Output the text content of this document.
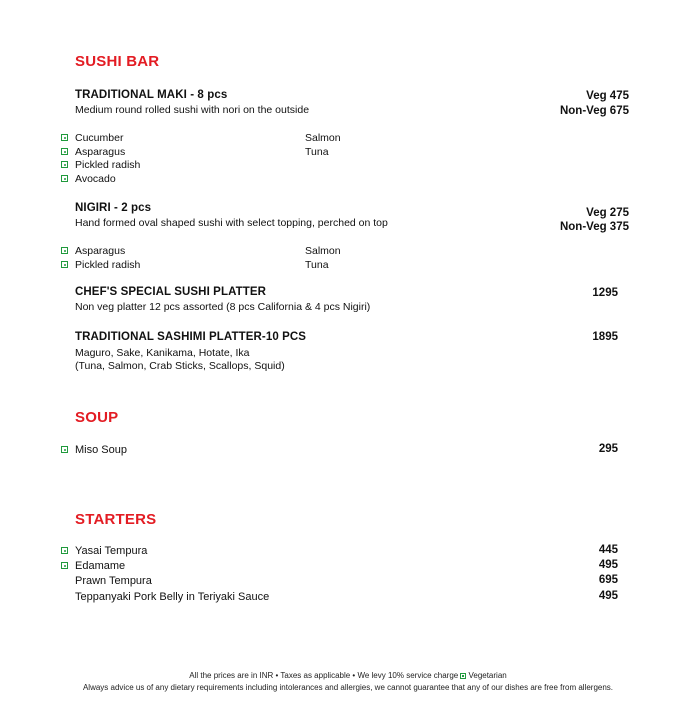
SUSHI BAR
TRADITIONAL MAKI - 8 pcs
Medium round rolled sushi with nori on the outside
Veg 475
Non-Veg 675
Cucumber	Salmon
Asparagus	Tuna
Pickled radish
Avocado
NIGIRI - 2 pcs
Hand formed oval shaped sushi with select topping, perched on top
Veg 275
Non-Veg 375
Asparagus	Salmon
Pickled radish	Tuna
CHEF'S SPECIAL SUSHI PLATTER
Non veg platter 12 pcs assorted (8 pcs California & 4 pcs Nigiri)
1295
TRADITIONAL SASHIMI PLATTER-10 PCS
Maguro, Sake, Kanikama, Hotate, Ika
(Tuna, Salmon, Crab Sticks, Scallops, Squid)
1895
SOUP
Miso Soup	295
STARTERS
Yasai Tempura	445
Edamame	495
Prawn Tempura	695
Teppanyaki Pork Belly in Teriyaki Sauce	495
All the prices are in INR • Taxes as applicable • We levy 10% service charge Vegetarian
Always advice us of any dietary requirements including intolerances and allergies, we cannot guarantee that any of our dishes are free from allergens.
